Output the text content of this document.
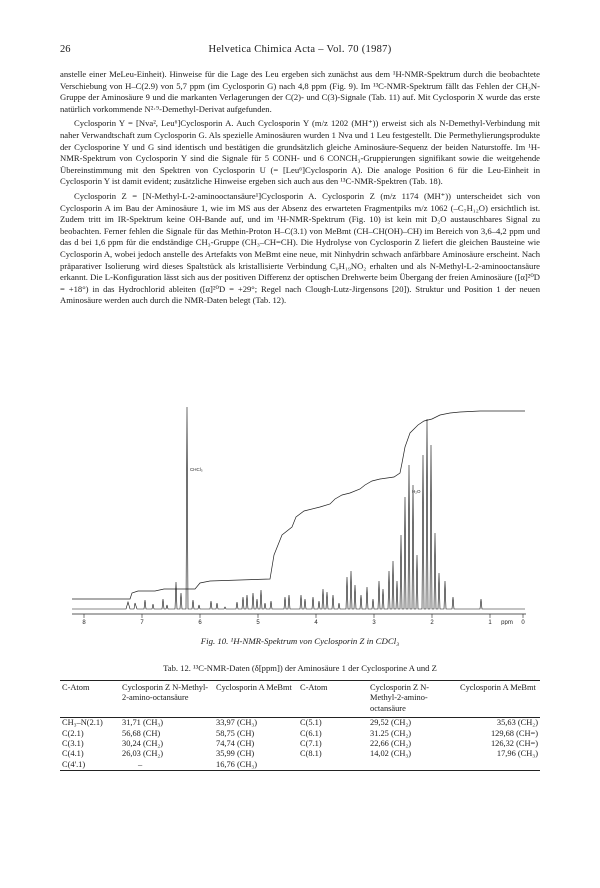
26	Helvetica Chimica Acta – Vol. 70 (1987)

anstelle einer MeLeu-Einheit). Hinweise für die Lage des Leu ergeben sich zunächst aus dem ¹H-NMR-Spektrum durch die beobachtete Verschiebung von H–C(2.9) von 5,7 ppm (im Cyclosporin G) nach 4,8 ppm (Fig. 9). Im ¹³C-NMR-Spektrum fällt das Fehlen der CH₃N-Gruppe der Aminosäure 9 und die markanten Verlagerungen der C(2)- und C(3)-Signale (Tab. 11) auf. Mit Cyclosporin X wurde das erste natürlich vorkommende N²·⁹-Demethyl-Derivat aufgefunden.

Cyclosporin Y = [Nva², Leu⁶]Cyclosporin A. Auch Cyclosporin Y (m/z 1202 (MH⁺)) erweist sich als N-Demethyl-Verbindung mit naher Verwandtschaft zum Cyclosporin G. Als spezielle Aminosäuren wurden 1 Nva und 1 Leu festgestellt. Die Permethylierungsprodukte der Cyclosporine Y und G sind identisch und bestätigen die grundsätzlich gleiche Aminosäure-Sequenz der beiden Naturstoffe. Im ¹H-NMR-Spektrum von Cyclosporin Y sind die Signale für 5 CONH- und 6 CONCH₃-Gruppierungen signifikant sowie die weitgehende Übereinstimmung mit den Spektren von Cyclosporin U (= [Leu⁶]Cyclosporin A). Die analoge Position 6 für die Leu-Einheit in Cyclosporin Y ist damit evident; zusätzliche Hinweise ergeben sich auch aus den ¹³C-NMR-Spektren (Tab. 18).

Cyclosporin Z = [N-Methyl-L-2-aminooctansäure¹]Cyclosporin A. Cyclosporin Z (m/z 1174 (MH⁺)) unterscheidet sich von Cyclosporin A im Bau der Aminosäure 1, wie im MS aus der Absenz des erwarteten Fragmentpiks m/z 1062 (–C₇H₁₂O) ersichtlich ist. Zudem tritt im IR-Spektrum keine OH-Bande auf, und im ¹H-NMR-Spektrum (Fig. 10) ist kein mit D₂O austauschbares Signal zu beobachten. Ferner fehlen die Signale für das Methin-Proton H–C(3.1) von MeBmt (CH–CH(OH)–CH) im Bereich von 3,6–4,2 ppm und das d bei 1,6 ppm für die endständige CH₃-Gruppe (CH₃–CH=CH). Die Hydrolyse von Cyclosporin Z liefert die gleichen Bausteine wie Cyclosporin A, wobei jedoch anstelle des Artefakts von MeBmt eine neue, mit Ninhydrin schwach anfärbbare Aminosäure erscheint. Nach präparativer Isolierung wird dieses Spaltstück als kristallisierte Verbindung C₉H₁₉NO₂ erhalten und als N-Methyl-L-2-aminooctansäure erkannt. Die L-Konfiguration lässt sich aus der positiven Differenz der optischen Drehwerte beim Übergang der freien Aminosäure ([α]²⁰D = +18°) in das Hydrochlorid ableiten ([α]²⁰D = +29°; Regel nach Clough-Lutz-Jirgensons [20]). Struktur und Position 1 der neuen Aminosäure werden auch durch die NMR-Daten belegt (Tab. 12).

8	7	6	5	4	3	2	1 ppm 0
CHCl₃
H₂O
Fig. 10. ¹H-NMR-Spektrum von Cyclosporin Z in CDCl₃
Tab. 12. ¹³C-NMR-Daten (δ[ppm]) der Aminosäure 1 der Cyclosporine A und Z
C-Atom	Cyclosporin Z N-Methyl-2-amino-octansäure	Cyclosporin A MeBmt	C-Atom	Cyclosporin Z N-Methyl-2-amino-octansäure	Cyclosporin A MeBmt
CH₃–N(2.1)	31,71 (CH₃)	33,97 (CH₃)	C(5.1)	29,52 (CH₂)	35,63 (CH₂)
C(2.1)	56,68 (CH)	58,75 (CH)	C(6.1)	31.25 (CH₂)	129,68 (CH=)
C(3.1)	30,24 (CH₂)	74,74 (CH)	C(7.1)	22,66 (CH₂)	126,32 (CH=)
C(4.1)	26,03 (CH₂)	35,99 (CH)	C(8.1)	14,02 (CH₃)	17,96 (CH₃)
C(4'.1)	–	16,76 (CH₃)			
